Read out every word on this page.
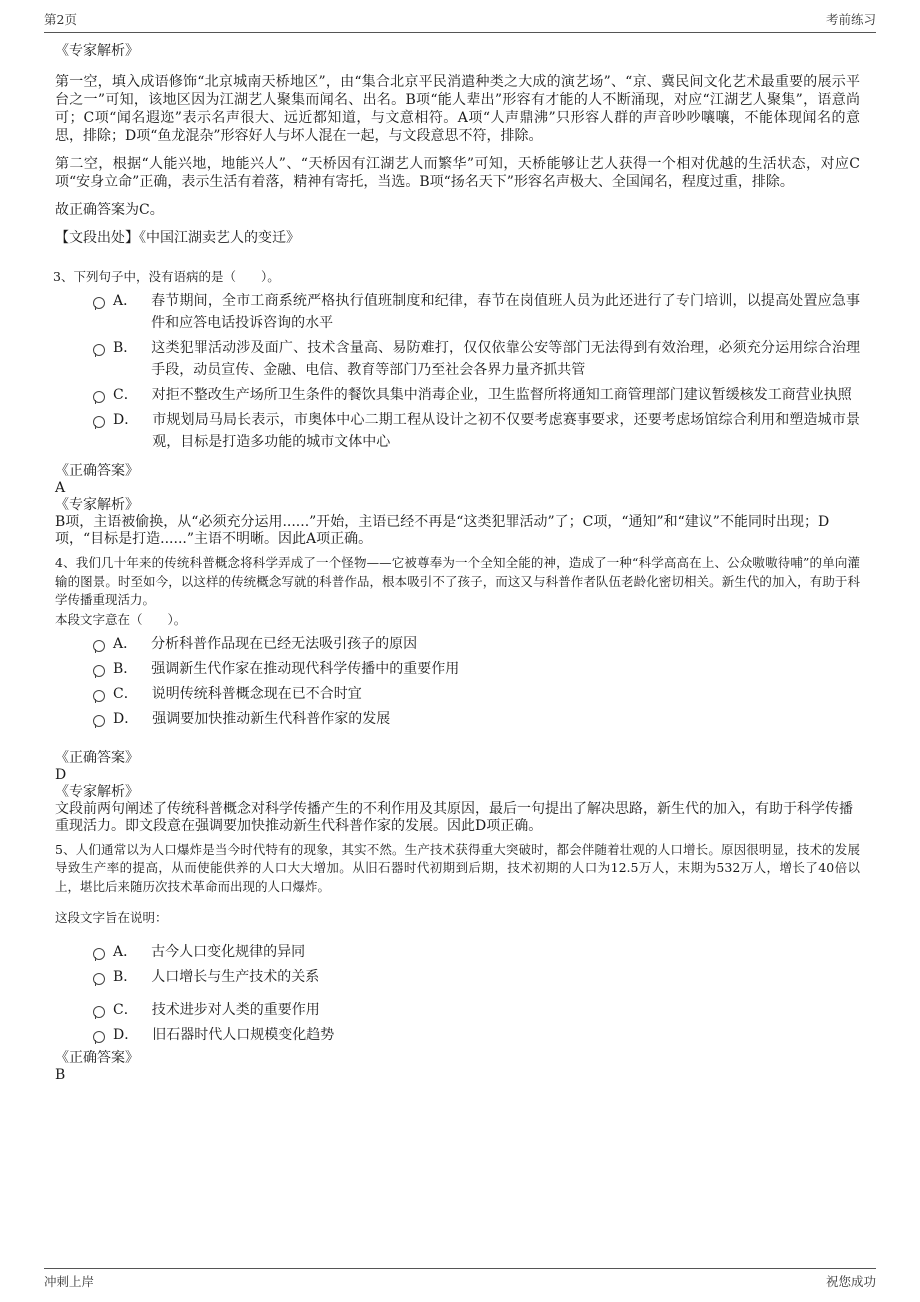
第2页	考前练习

《专家解析》

第一空，填入成语修饰“北京城南天桥地区”，由“集合北京平民消遣种类之大成的演艺场”、“京、冀民间文化艺术最重要的展示平台之一”可知，该地区因为江湖艺人聚集而闻名、出名。B项“能人辈出”形容有才能的人不断涌现，对应“江湖艺人聚集”，语意尚可；C项“闻名遐迩”表示名声很大、远近都知道，与文意相符。A项“人声鼎沸”只形容人群的声音吵吵嚷嚷，不能体现闻名的意思，排除；D项“鱼龙混杂”形容好人与坏人混在一起，与文段意思不符，排除。

第二空，根据“人能兴地，地能兴人”、“天桥因有江湖艺人而繁华”可知，天桥能够让艺人获得一个相对优越的生活状态，对应C项“安身立命”正确，表示生活有着落，精神有寄托，当选。B项“扬名天下”形容名声极大、全国闻名，程度过重，排除。

故正确答案为C。

【文段出处】《中国江湖卖艺人的变迁》

3、下列句子中，没有语病的是（　　）。

A． 春节期间，全市工商系统严格执行值班制度和纪律，春节在岗值班人员为此还进行了专门培训，以提高处置应急事件和应答电话投诉咨询的水平
B． 这类犯罪活动涉及面广、技术含量高、易防难打，仅仅依靠公安等部门无法得到有效治理，必须充分运用综合治理手段，动员宣传、金融、电信、教育等部门乃至社会各界力量齐抓共管
C． 对拒不整改生产场所卫生条件的餐饮具集中消毒企业，卫生监督所将通知工商管理部门建议暂缓核发工商营业执照
D． 市规划局马局长表示，市奥体中心二期工程从设计之初不仅要考虑赛事要求，还要考虑场馆综合利用和塑造城市景观，目标是打造多功能的城市文体中心

《正确答案》

A

《专家解析》

B项，主语被偷换，从“必须充分运用......”开始，主语已经不再是“这类犯罪活动”了；C项，“通知”和“建议”不能同时出现；D项，“目标是打造......”主语不明晰。因此A项正确。

4、我们几十年来的传统科普概念将科学弄成了一个怪物——它被尊奉为一个全知全能的神，造成了一种“科学高高在上、公众嗷嗷待哺”的单向灌输的图景。时至如今，以这样的传统概念写就的科普作品，根本吸引不了孩子，而这又与科普作者队伍老龄化密切相关。新生代的加入，有助于科学传播重现活力。

本段文字意在（　　）。

A． 分析科普作品现在已经无法吸引孩子的原因
B． 强调新生代作家在推动现代科学传播中的重要作用
C． 说明传统科普概念现在已不合时宜
D． 强调要加快推动新生代科普作家的发展

《正确答案》

D

《专家解析》

文段前两句阐述了传统科普概念对科学传播产生的不利作用及其原因，最后一句提出了解决思路，新生代的加入，有助于科学传播重现活力。即文段意在强调要加快推动新生代科普作家的发展。因此D项正确。

5、人们通常以为人口爆炸是当今时代特有的现象，其实不然。生产技术获得重大突破时，都会伴随着壮观的人口增长。原因很明显，技术的发展导致生产率的提高，从而使能供养的人口大大增加。从旧石器时代初期到后期，技术初期的人口为12.5万人，末期为532万人，增长了40倍以上，堪比后来随历次技术革命而出现的人口爆炸。

这段文字旨在说明：

A． 古今人口变化规律的异同
B． 人口增长与生产技术的关系
C． 技术进步对人类的重要作用
D． 旧石器时代人口规模变化趋势

《正确答案》

B

冲刺上岸	祝您成功
